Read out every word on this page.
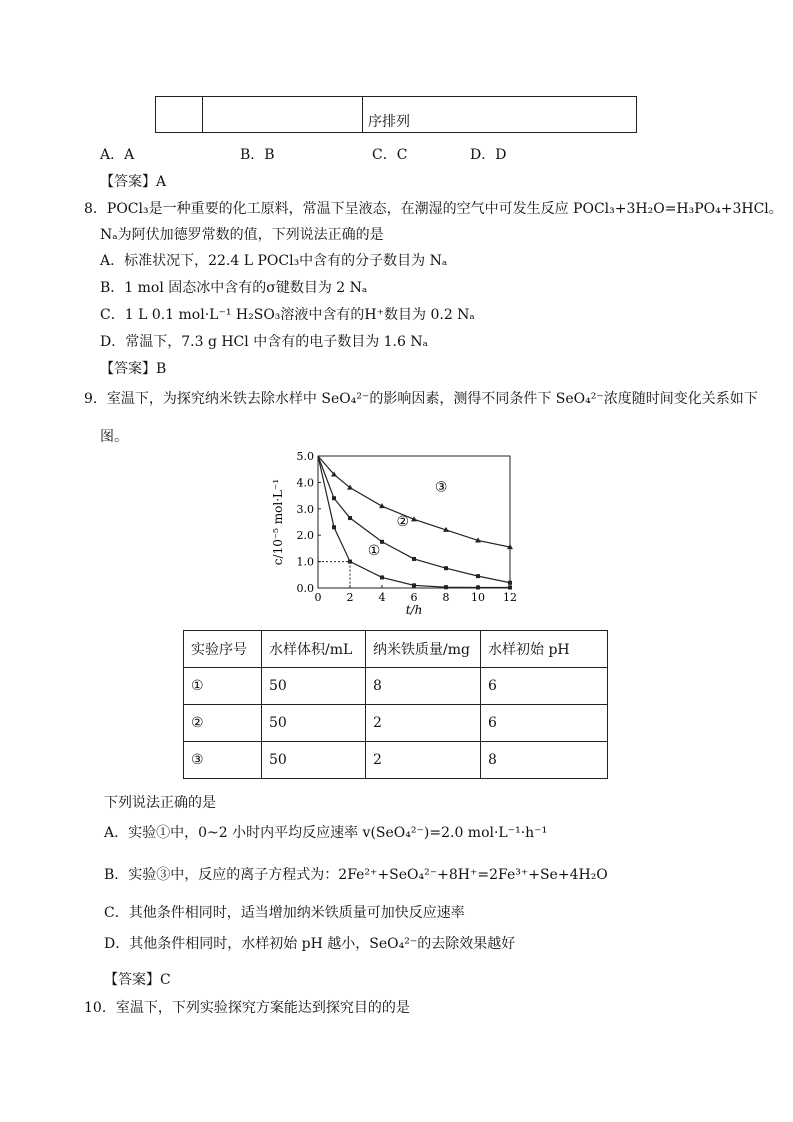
序排列
A．A	B．B	C．C	D．D
【答案】A
8．POCl₃是一种重要的化工原料，常温下呈液态，在潮湿的空气中可发生反应 POCl₃+3H₂O=H₃PO₄+3HCl。
Nₐ为阿伏加德罗常数的值，下列说法正确的是
A．标准状况下，22.4 L POCl₃中含有的分子数目为 Nₐ
B．1 mol 固态冰中含有的σ键数目为 2 Nₐ
C．1 L 0.1 mol·L⁻¹ H₂SO₃溶液中含有的H⁺数目为 0.2 Nₐ
D．常温下，7.3 g HCl 中含有的电子数目为 1.6 Nₐ
【答案】B
9．室温下，为探究纳米铁去除水样中 SeO₄²⁻的影响因素，测得不同条件下 SeO₄²⁻浓度随时间变化关系如下
图。
0 2 4 6 8 10 12
0.0
1.0
2.0
3.0
4.0
5.0
t/h
c/10⁻⁵ mol·L⁻¹	①
②
③
实验序号	水样体积/mL	纳米铁质量/mg	水样初始 pH
①	50	8	6
②	50	2	6
③	50	2	8
下列说法正确的是
A．实验①中，0~2 小时内平均反应速率 v(SeO₄²⁻)=2.0 mol·L⁻¹·h⁻¹
B．实验③中，反应的离子方程式为：2Fe²⁺+SeO₄²⁻+8H⁺=2Fe³⁺+Se+4H₂O
C．其他条件相同时，适当增加纳米铁质量可加快反应速率
D．其他条件相同时，水样初始 pH 越小，SeO₄²⁻的去除效果越好
【答案】C
10．室温下，下列实验探究方案能达到探究目的的是
